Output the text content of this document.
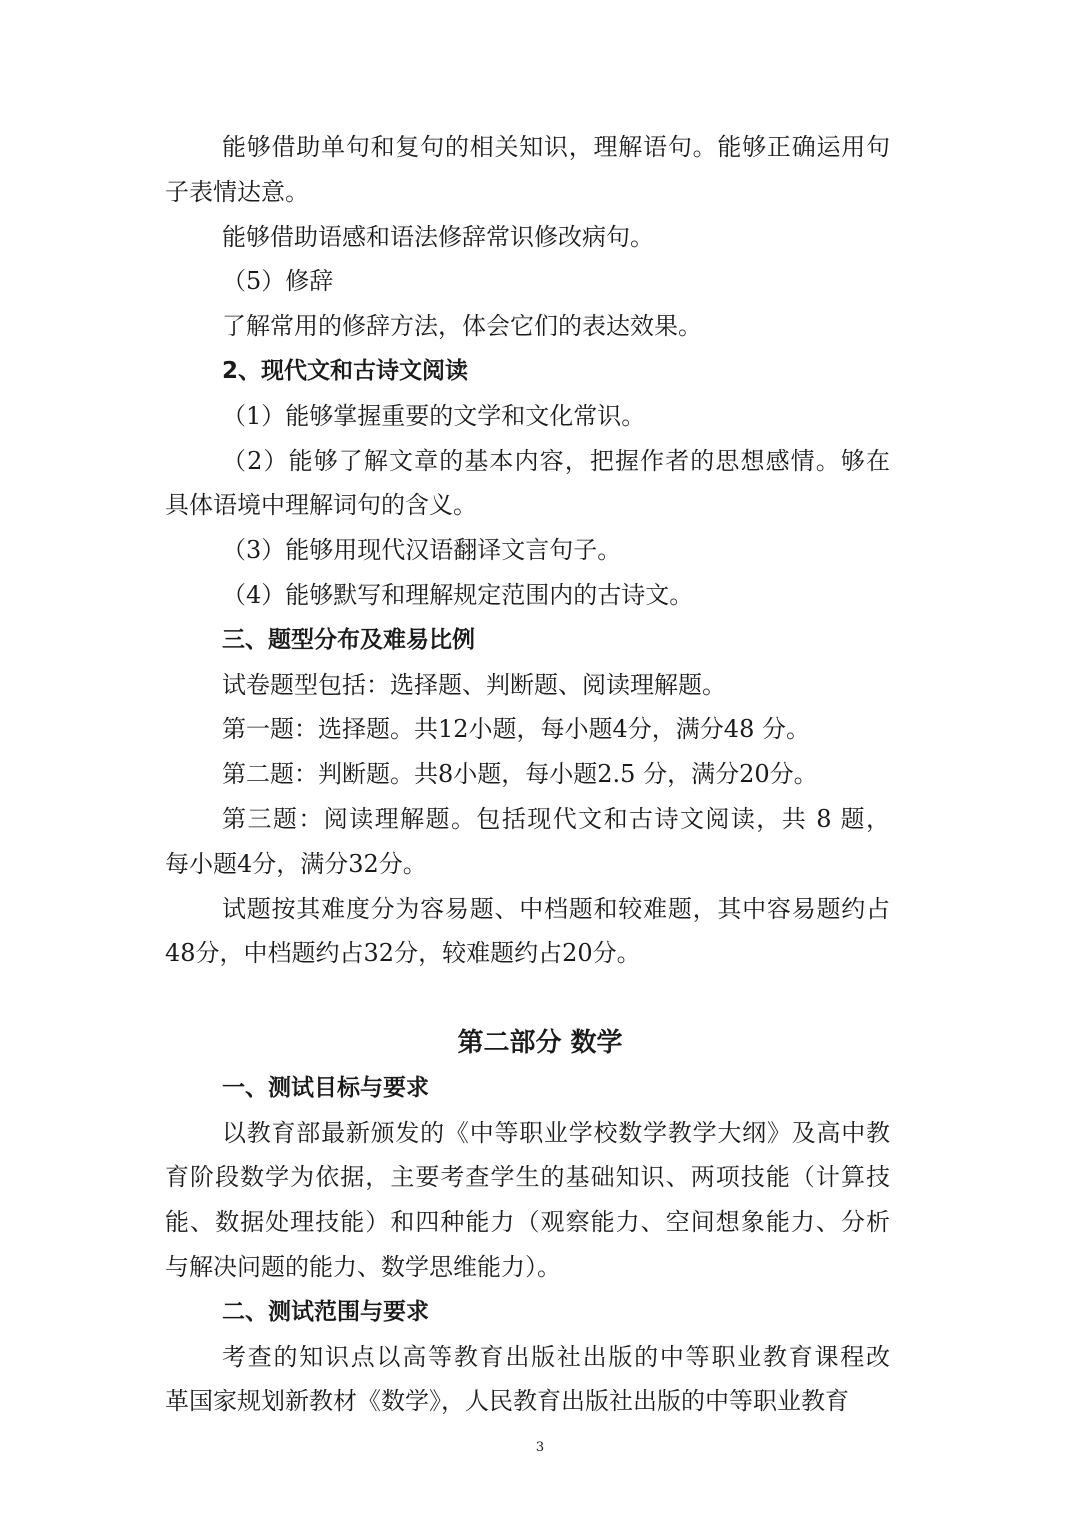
能够借助单句和复句的相关知识，理解语句。能够正确运用句
子表情达意。
能够借助语感和语法修辞常识修改病句。
（5）修辞
了解常用的修辞方法，体会它们的表达效果。
2、现代文和古诗文阅读
（1）能够掌握重要的文学和文化常识。
（2）能够了解文章的基本内容，把握作者的思想感情。够在
具体语境中理解词句的含义。
（3）能够用现代汉语翻译文言句子。
（4）能够默写和理解规定范围内的古诗文。
三、题型分布及难易比例
试卷题型包括：选择题、判断题、阅读理解题。
第一题：选择题。共12小题，每小题4分，满分48 分。
第二题：判断题。共8小题，每小题2.5 分，满分20分。
第三题：阅读理解题。包括现代文和古诗文阅读，共 8 题，
每小题4分，满分32分。
试题按其难度分为容易题、中档题和较难题，其中容易题约占
48分，中档题约占32分，较难题约占20分。
第二部分 数学
一、测试目标与要求
以教育部最新颁发的《中等职业学校数学教学大纲》及高中教
育阶段数学为依据，主要考查学生的基础知识、两项技能（计算技
能、数据处理技能）和四种能力（观察能力、空间想象能力、分析
与解决问题的能力、数学思维能力）。
二、测试范围与要求
考查的知识点以高等教育出版社出版的中等职业教育课程改
革国家规划新教材《数学》，人民教育出版社出版的中等职业教育
3
